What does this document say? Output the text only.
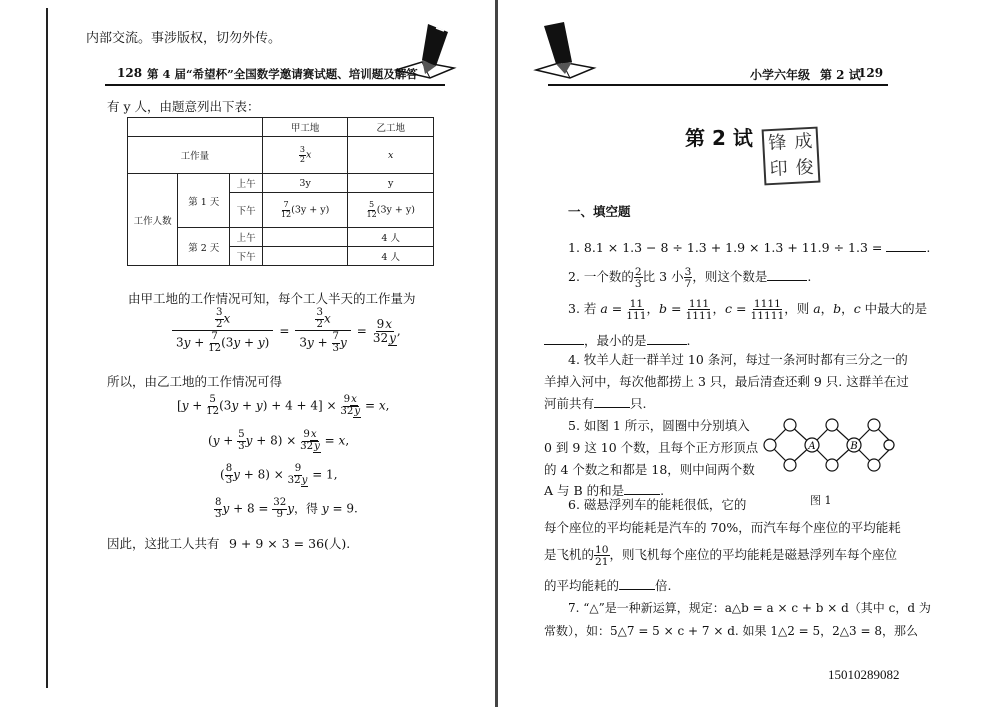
内部交流。事涉版权，切勿外传。
128 第 4 届“希望杯”全国数学邀请赛试题、培训题及解答
有 y 人，由题意列出下表：
			甲工地	乙工地
工作量			$\frac{3}{2}$ x	x
工作人数	第 1 天	上午	3y	y
		下午	$\frac{7}{12} (3y + y)$	$\frac{5}{12} (3y + y)$
	第 2 天	上午		4 人
		下午		4 人
由甲工地的工作情况可知，每个工人半天的工作量为
$\frac{\frac{3}{2} x}{3y + \frac{7}{12} (3y + y)} = \frac{\frac{3}{2} x}{3y + \frac{7}{3} y} = \frac{9x}{32y}$ ,
所以，由乙工地的工作情况可得
$[y + \frac{5}{12} (3y + y) + 4 + 4] \times \frac{9x}{32y} = x$,
($y + \frac{5}{3}$ $y + 8) \times \frac{9x}{32y} = x$,
( $\frac{8}{3}$ $y + 8) \times \frac{9}{32y} = 1$,
$\frac{8}{3}$ $y + 8 = \frac{32}{9}$ y，得 y = 9.
因此，这批工人共有 9 + 9 × 3 = 36(人).
小学六年级 第 2 试
129
第 2 试 锋 成
印 俊
一、填空题
1. 8.1 × 1.3 − 8 ÷ 1.3 + 1.9 × 1.3 + 11.9 ÷ 1.3 =	.
2. 一个数的 $\frac{2}{3}$ 比 3 小 $\frac{3}{7}$ ，则这个数是	.
3. 若 $a = \frac{11}{111}$ ，$b = \frac{111}{1111}$ ，$c = \frac{1111}{11111}$ ，则 a，b，c 中最大的是
，最小的是	.
4. 牧羊人赶一群羊过 10 条河，每过一条河时都有三分之一的
羊掉入河中，每次他都捞上 3 只，最后清查还剩 9 只. 这群羊在过
河前共有	只.
5. 如图 1 所示，圆圈中分别填入
0 到 9 这 10 个数，且每个正方形顶点
的 4 个数之和都是 18，则中间两个数
A 与 B 的和是	.
A	B
图 1
6. 磁悬浮列车的能耗很低，它的
每个座位的平均能耗是汽车的 70%，而汽车每个座位的平均能耗
是飞机的 $\frac{10}{21}$ ，则飞机每个座位的平均能耗是磁悬浮列车每个座位
的平均能耗的	倍.
7. “△”是一种新运算，规定：a△b = a × c + b × d（其中 c，d 为
常数），如：5△7 = 5 × c + 7 × d. 如果 1△2 = 5，2△3 = 8，那么
15010289082
